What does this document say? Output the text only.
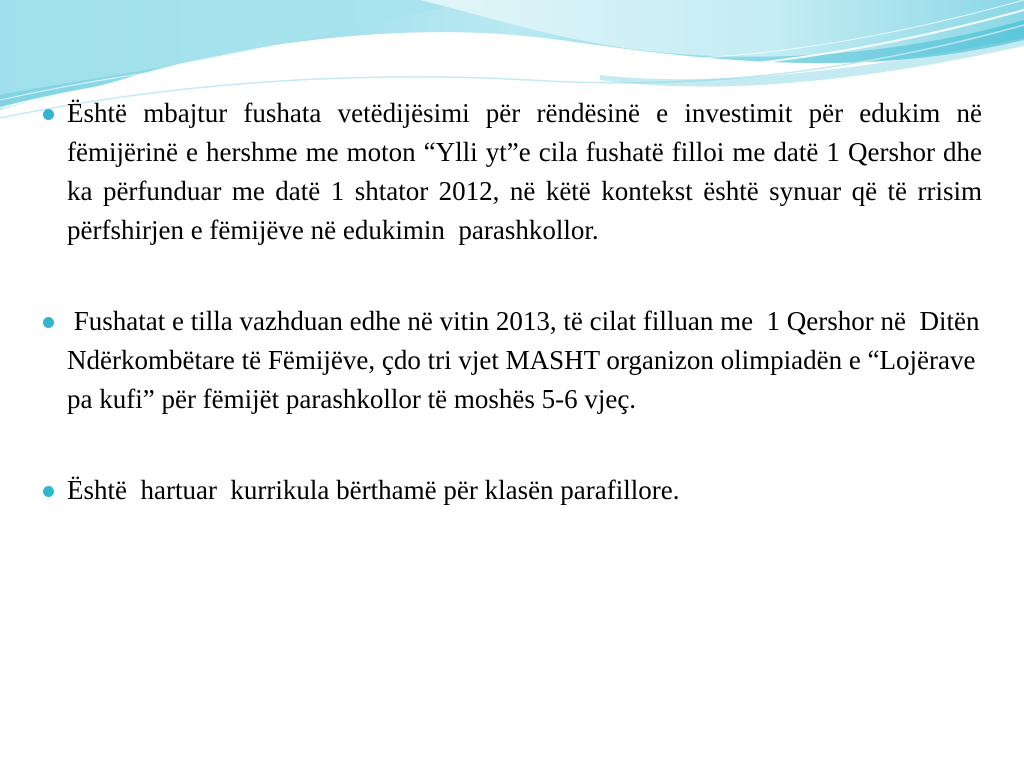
Është mbajtur fushata vetëdijësimi për rëndësinë e investimit për edukim në fëmijërinë e hershme me moton “Ylli yt”e cila fushatë filloi me datë 1 Qershor dhe ka përfunduar me datë 1 shtator 2012, në këtë kontekst është synuar që të rrisim përfshirjen e fëmijëve në edukimin  parashkollor.
Fushatat e tilla vazhduan edhe në vitin 2013, të cilat filluan me  1 Qershor në  Ditën Ndërkombëtare të Fëmijëve, çdo tri vjet MASHT organizon olimpiadën e “Lojërave pa kufi” për fëmijët parashkollor të moshës 5-6 vjeç.
Është  hartuar  kurrikula bërthamë për klasën parafillore.
